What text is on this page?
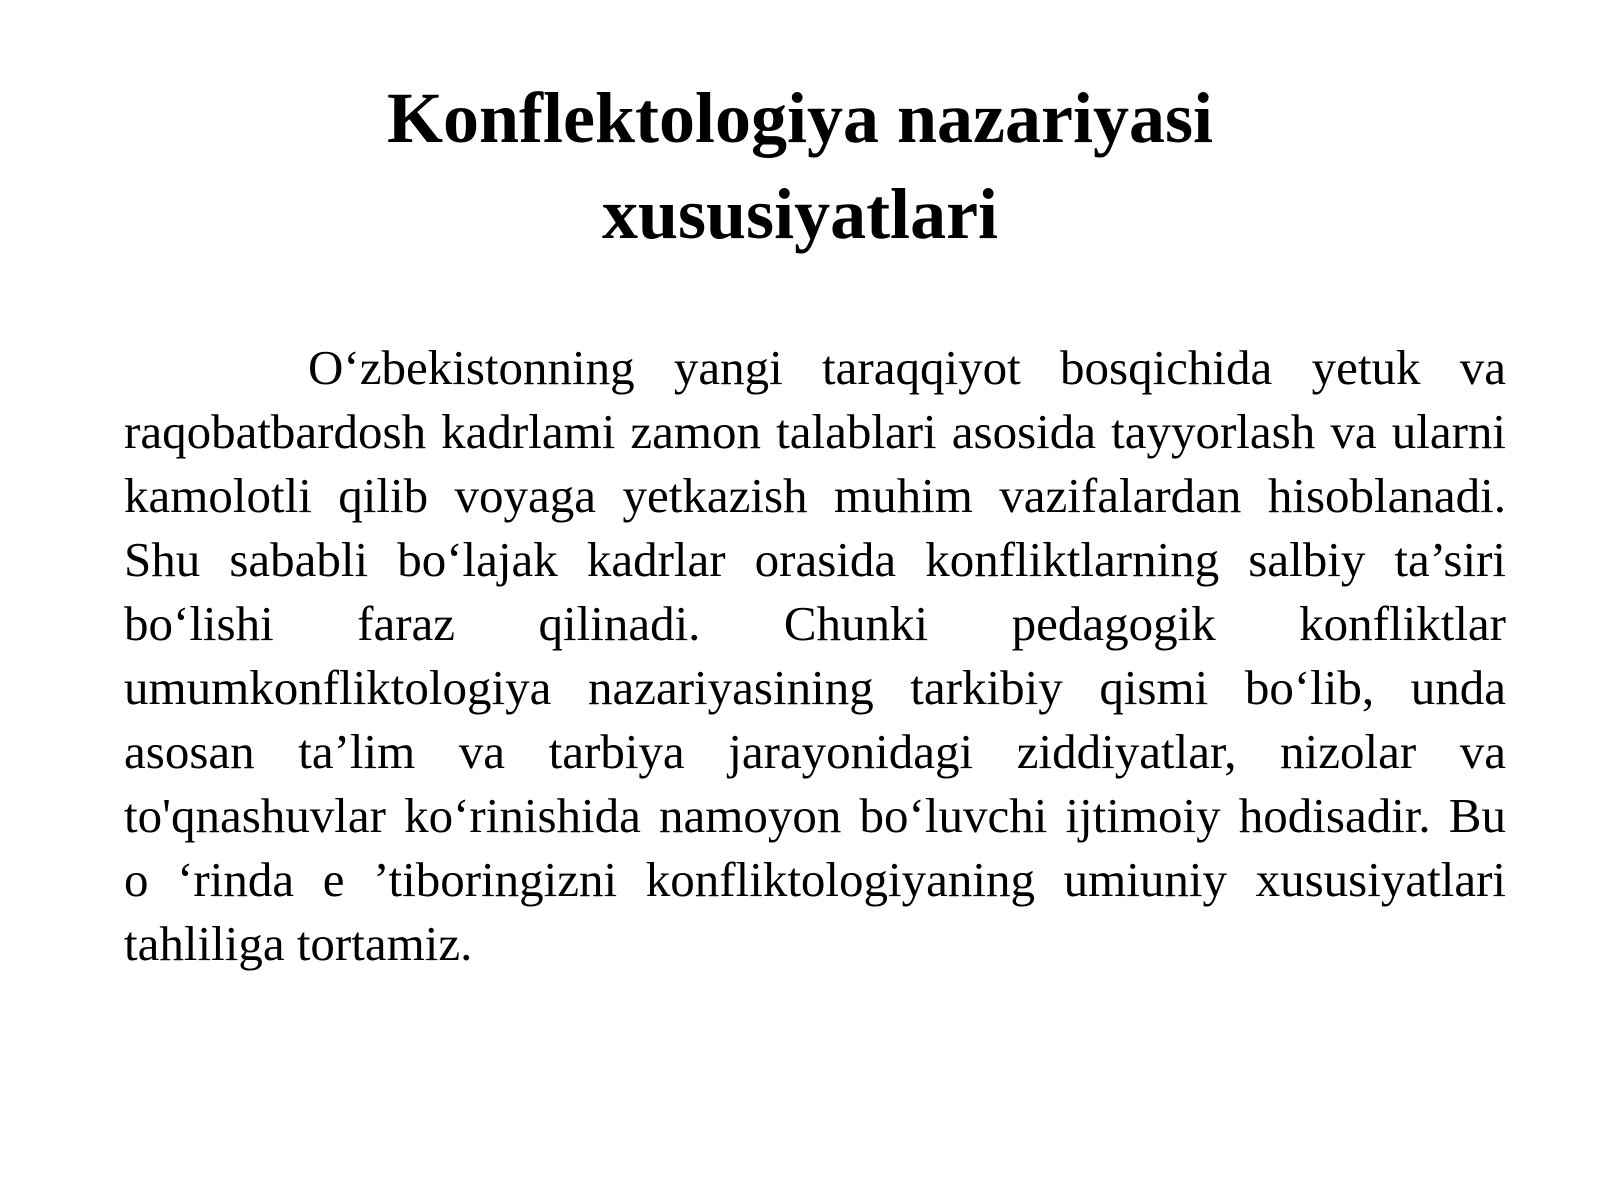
Konflektologiya nazariyasi
xususiyatlari

O‘zbekistonning yangi taraqqiyot bosqichida yetuk va raqobatbardosh kadrlami zamon talablari asosida tayyorlash va ularni kamolotli qilib voyaga yetkazish muhim vazifalardan hisoblanadi. Shu sababli bo‘lajak kadrlar orasida konfliktlarning salbiy ta’siri bo‘lishi faraz qilinadi. Chunki pedagogik konfliktlar umumkonfliktologiya nazariyasining tarkibiy qismi bo‘lib, unda asosan ta’lim va tarbiya jarayonidagi ziddiyatlar, nizolar va to'qnashuvlar ko‘rinishida namoyon bo‘luvchi ijtimoiy hodisadir. Bu o ‘rinda e ’tiboringizni konfliktologiyaning umiuniy xususiyatlari tahliliga tortamiz.
